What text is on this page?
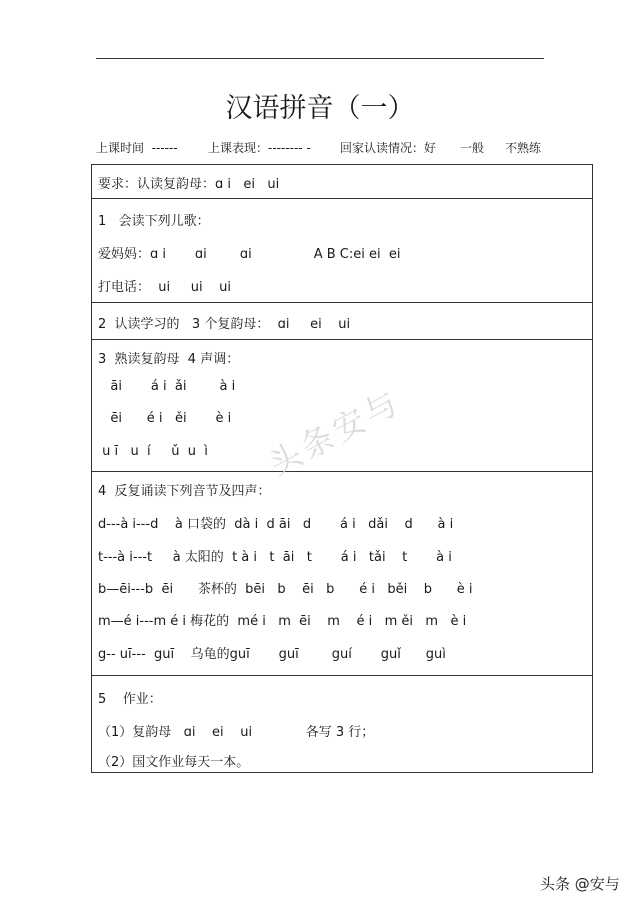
汉语拼音（一）
上课时间  ------	上课表现：-------- - 回家认读情况：好 一般 不熟练
要求：认读复韵母：ɑ i   ei   ui

1   会读下列儿歌：
爱妈妈：ɑ i       ɑi        ɑi               A B C:ei ei  ei
打电话：  ui     ui    ui

2  认读学习的   3 个复韵母：  ɑi     ei    ui

3  熟读复韵母  4 声调：
āi       á i  ǎi        à i
ēi      é i   ěi       è i
u ī   u  í     ǔ  u  ì

4  反复诵读下列音节及四声：
d---à i---d    à 口袋的  dà i  d āi   d       á i   dǎi    d      à i
t---à i---t     à 太阳的  t à i   t  āi   t       á i   tǎi    t       à i
b—ēi---b  ēi      茶杯的  bēi   b    ēi   b      é i   běi    b      è i
m—é i---m é i 梅花的  mé i   m  ēi    m    é i   m ěi   m   è i
g-- uī---  guī    乌龟的guī       guī        guí       guǐ      guì

5    作业：
（1）复韵母   ɑi    ei    ui             各写 3 行；
（2）国文作业每天一本。
头条安与
头条 @安与
